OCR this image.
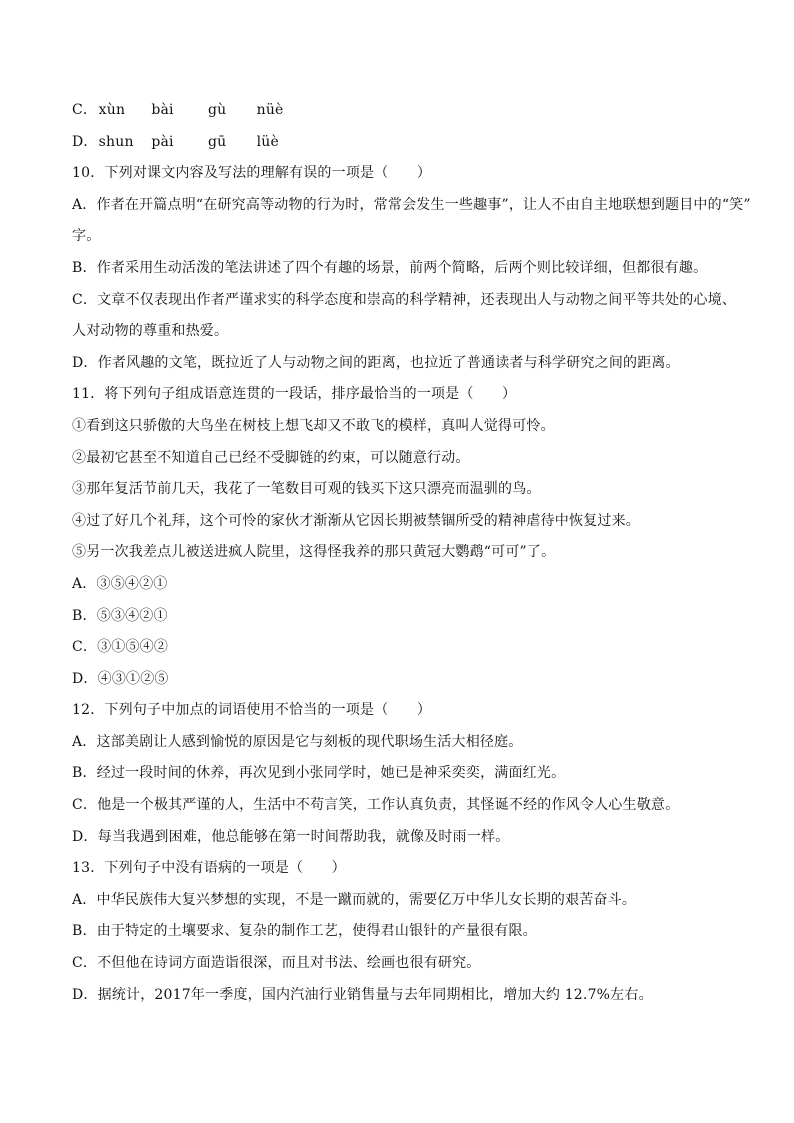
C． xùn bài gù nüè
D． shun pài gū lüè
10．下列对课文内容及写法的理解有误的一项是（　　）
A．作者在开篇点明“在研究高等动物的行为时，常常会发生一些趣事”，让人不由自主地联想到题目中的“笑”
字。
B．作者采用生动活泼的笔法讲述了四个有趣的场景，前两个简略，后两个则比较详细，但都很有趣。
C．文章不仅表现出作者严谨求实的科学态度和崇高的科学精神，还表现出人与动物之间平等共处的心境、
人对动物的尊重和热爱。
D．作者风趣的文笔，既拉近了人与动物之间的距离，也拉近了普通读者与科学研究之间的距离。
11．将下列句子组成语意连贯的一段话，排序最恰当的一项是（　　）
①看到这只骄傲的大鸟坐在树枝上想飞却又不敢飞的模样，真叫人觉得可怜。
②最初它甚至不知道自己已经不受脚链的约束，可以随意行动。
③那年复活节前几天，我花了一笔数目可观的钱买下这只漂亮而温驯的鸟。
④过了好几个礼拜，这个可怜的家伙才渐渐从它因长期被禁锢所受的精神虐待中恢复过来。
⑤另一次我差点儿被送进疯人院里，这得怪我养的那只黄冠大鹦鹉“可可”了。
A．③⑤④②①
B．⑤③④②①
C．③①⑤④②
D．④③①②⑤
12．下列句子中加点的词语使用不恰当的一项是（　　）
A．这部美剧让人感到愉悦的原因是它与刻板的现代职场生活大相径庭。
B．经过一段时间的休养，再次见到小张同学时，她已是神采奕奕，满面红光。
C．他是一个极其严谨的人，生活中不苟言笑，工作认真负责，其怪诞不经的作风令人心生敬意。
D．每当我遇到困难，他总能够在第一时间帮助我，就像及时雨一样。
13．下列句子中没有语病的一项是（　　）
A．中华民族伟大复兴梦想的实现，不是一蹴而就的，需要亿万中华儿女长期的艰苦奋斗。
B．由于特定的土壤要求、复杂的制作工艺，使得君山银针的产量很有限。
C．不但他在诗词方面造诣很深，而且对书法、绘画也很有研究。
D．据统计，2017年一季度，国内汽油行业销售量与去年同期相比，增加大约 12.7%左右。
